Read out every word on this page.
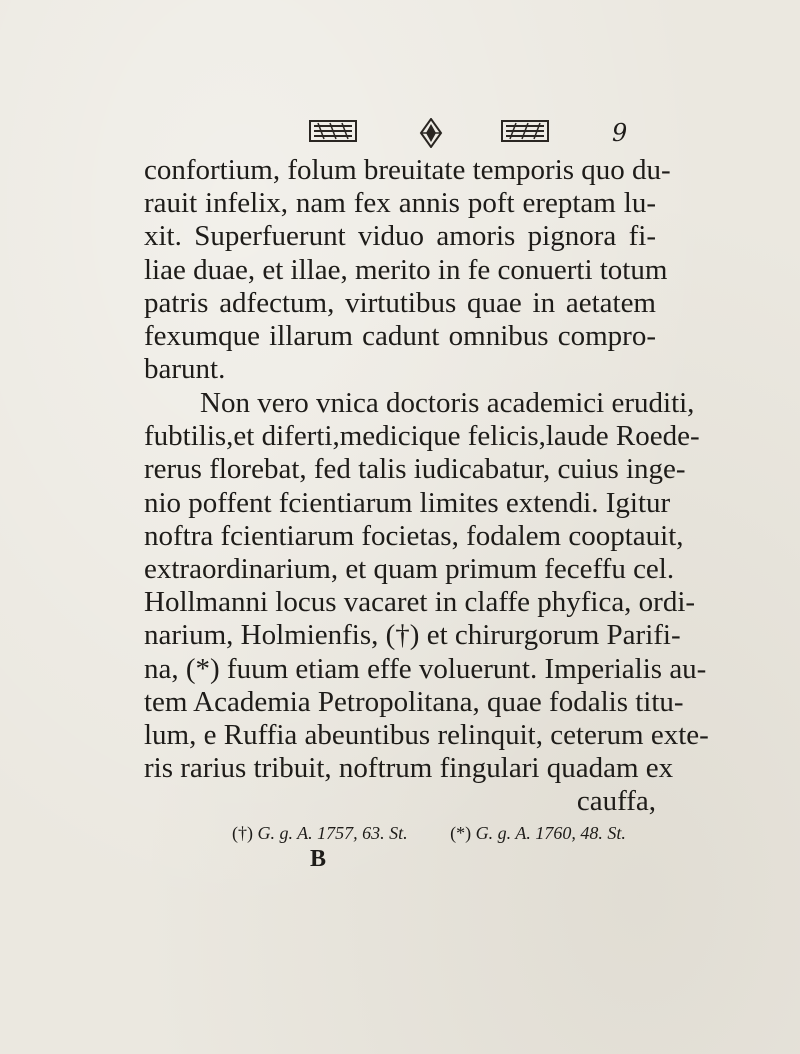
9
confortium, folum breuitate temporis quo du-
rauit infelix, nam fex annis poft ereptam lu-
xit. Superfuerunt viduo amoris pignora fi-
liae duae, et illae, merito in fe conuerti totum
patris adfectum, virtutibus quae in aetatem
fexumque illarum cadunt omnibus compro-
barunt.
Non vero vnica doctoris academici eruditi,
fubtilis,et diferti,medicique felicis,laude Roede-
rerus florebat, fed talis iudicabatur, cuius inge-
nio poffent fcientiarum limites extendi. Igitur
noftra fcientiarum focietas, fodalem cooptauit,
extraordinarium, et quam primum feceffu cel.
Hollmanni locus vacaret in claffe phyfica, ordi-
narium, Holmienfis, (†) et chirurgorum Parifi-
na, (*) fuum etiam effe voluerunt. Imperialis au-
tem Academia Petropolitana, quae fodalis titu-
lum, e Ruffia abeuntibus relinquit, ceterum exte-
ris rarius tribuit, noftrum fingulari quadam ex
cauffa,
(†) G. g. A. 1757, 63. St. (*) G. g. A. 1760, 48. St.
B
